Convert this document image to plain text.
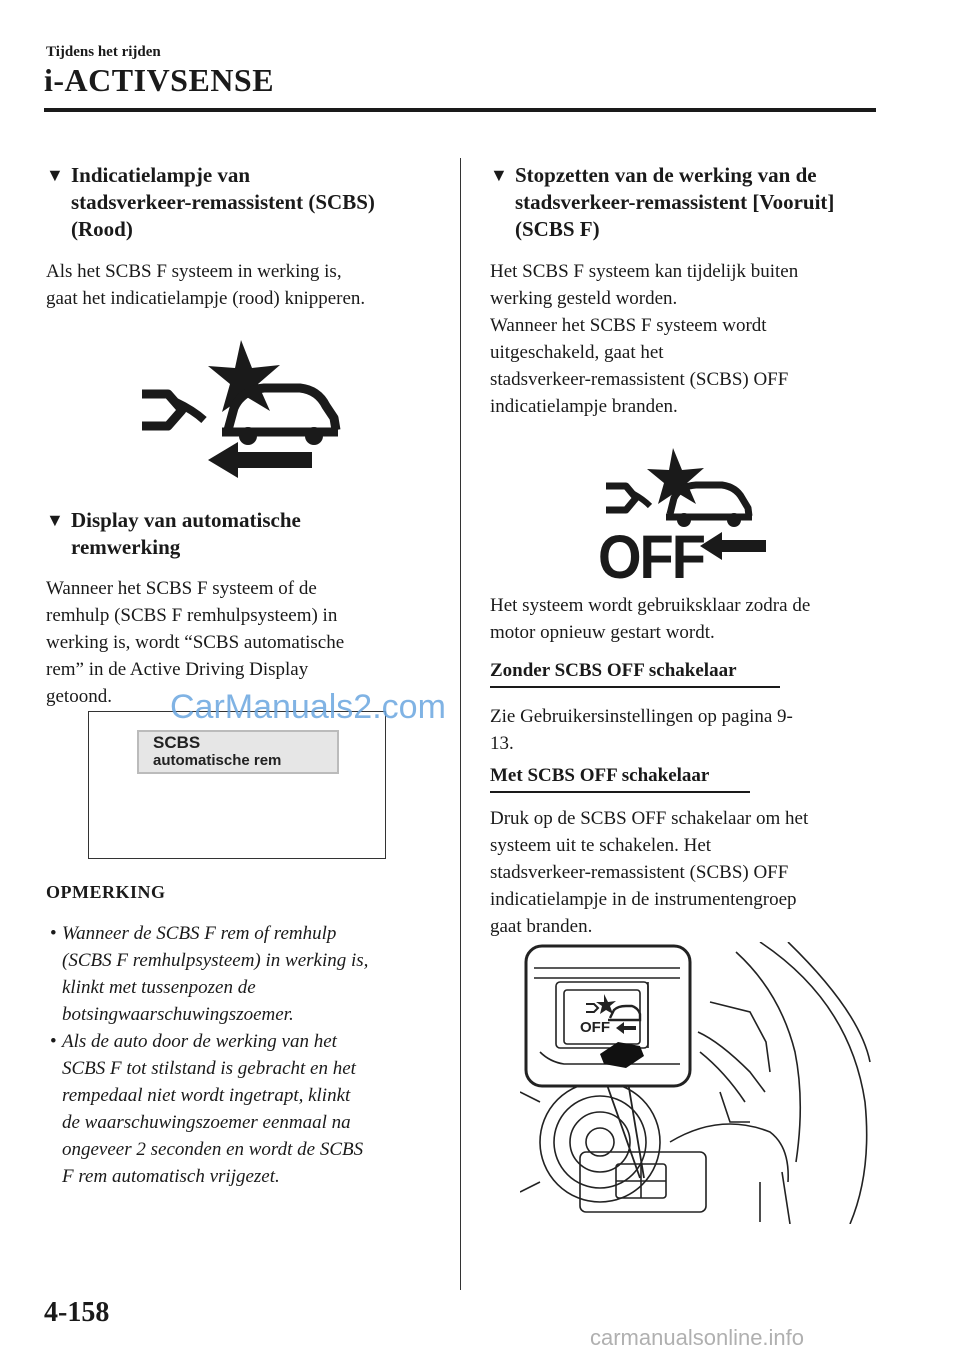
Tijdens het rijden
i-ACTIVSENSE
▼ Indicatielampje van
stadsverkeer-remassistent (SCBS)
(Rood)
Als het SCBS F systeem in werking is,
gaat het indicatielampje (rood) knipperen.
▼ Display van automatische
remwerking
Wanneer het SCBS F systeem of de
remhulp (SCBS F remhulpsysteem) in
werking is, wordt “SCBS automatische
rem” in de Active Driving Display
getoond.
SCBS
automatische rem
OPMERKING
• Wanneer de SCBS F rem of remhulp
(SCBS F remhulpsysteem) in werking is,
klinkt met tussenpozen de
botsingwaarschuwingszoemer.
• Als de auto door de werking van het
SCBS F tot stilstand is gebracht en het
rempedaal niet wordt ingetrapt, klinkt
de waarschuwingszoemer eenmaal na
ongeveer 2 seconden en wordt de SCBS
F rem automatisch vrijgezet.
▼ Stopzetten van de werking van de
stadsverkeer-remassistent [Vooruit]
(SCBS F)
Het SCBS F systeem kan tijdelijk buiten
werking gesteld worden.
Wanneer het SCBS F systeem wordt
uitgeschakeld, gaat het
stadsverkeer-remassistent (SCBS) OFF
indicatielampje branden.
OFF
Het systeem wordt gebruiksklaar zodra de
motor opnieuw gestart wordt.
Zonder SCBS OFF schakelaar
Zie Gebruikersinstellingen op pagina 9-
13.
Met SCBS OFF schakelaar
Druk op de SCBS OFF schakelaar om het
systeem uit te schakelen. Het
stadsverkeer-remassistent (SCBS) OFF
indicatielampje in de instrumentengroep
gaat branden.
OFF
4-158
CarManuals2.com
carmanualsonline.info
